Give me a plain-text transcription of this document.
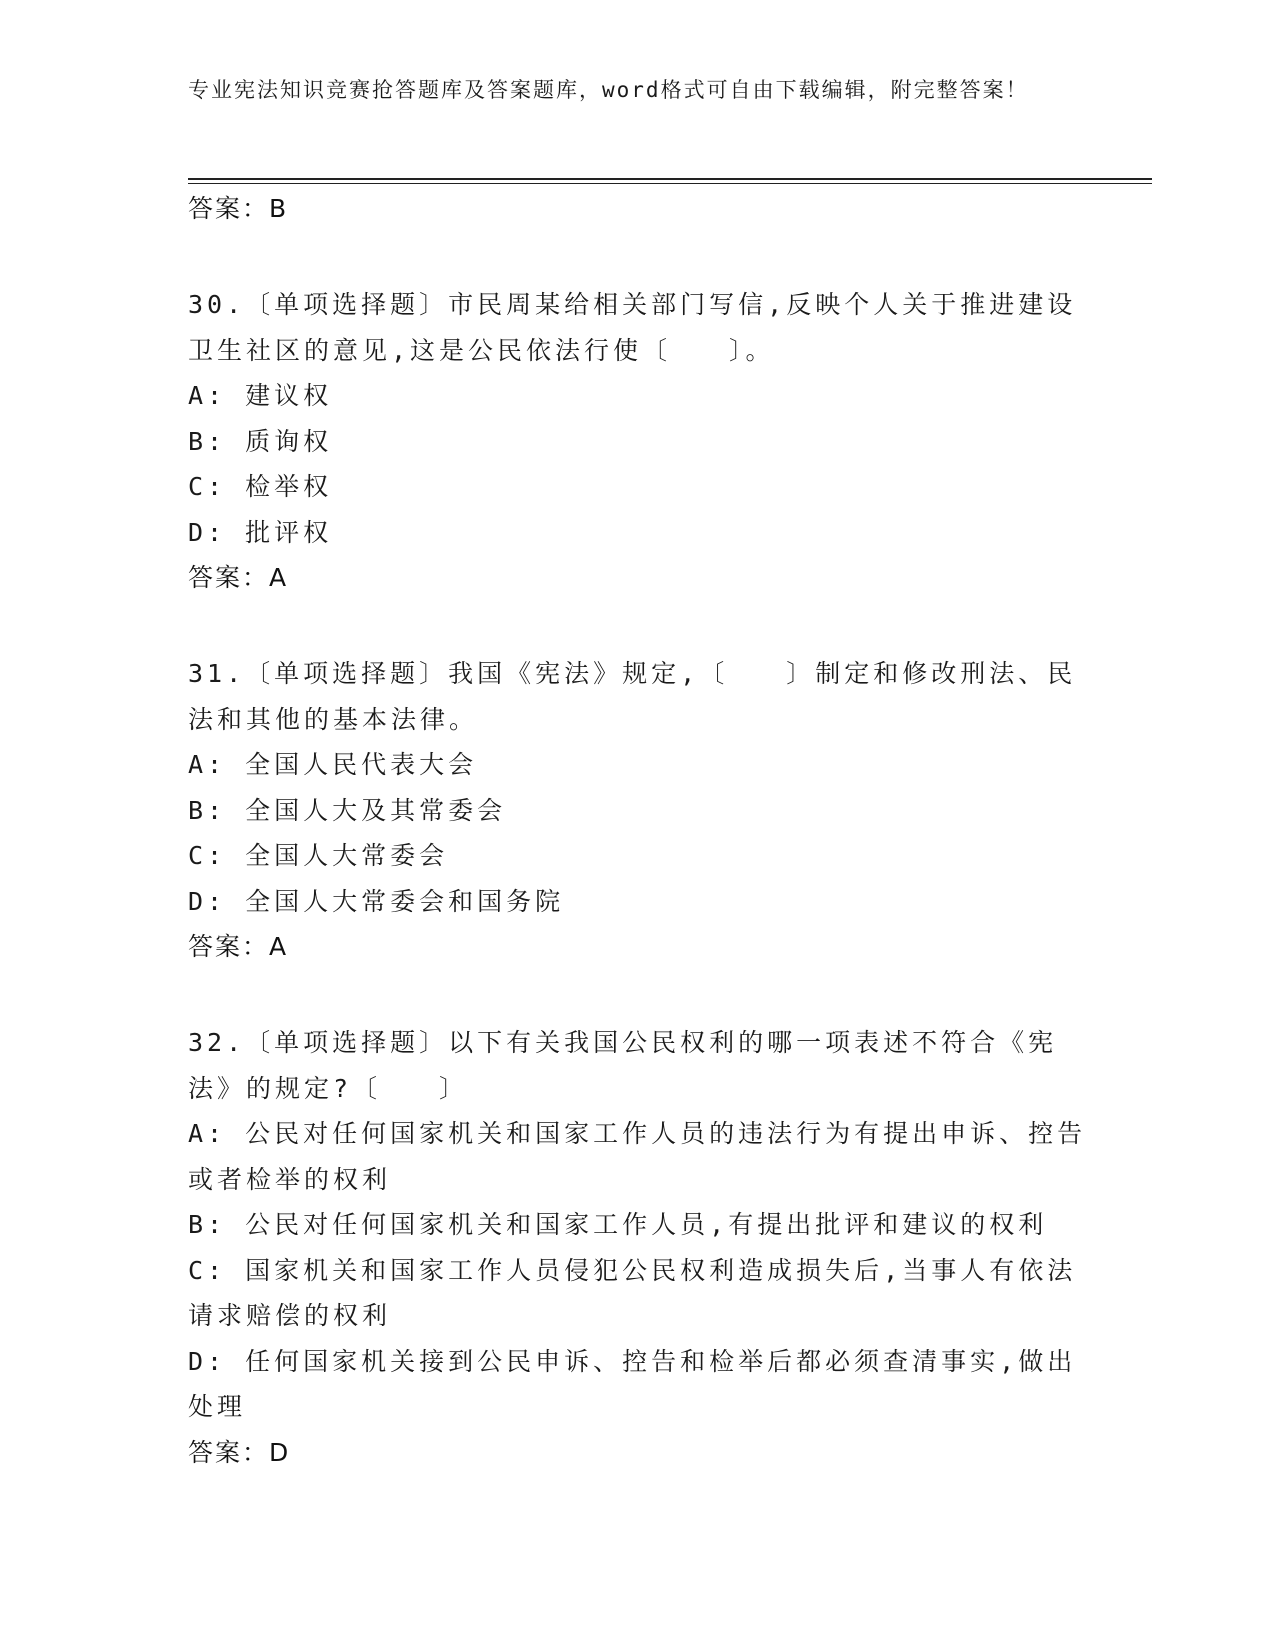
专业宪法知识竞赛抢答题库及答案题库，word格式可自由下载编辑，附完整答案！
答案：B

30.〔单项选择题〕市民周某给相关部门写信,反映个人关于推进建设卫生社区的意见,这是公民依法行使〔　　〕。

A: 建议权

B: 质询权

C: 检举权

D: 批评权

答案：A

31.〔单项选择题〕我国《宪法》规定,〔　　〕制定和修改刑法、民法和其他的基本法律。

A: 全国人民代表大会

B: 全国人大及其常委会

C: 全国人大常委会

D: 全国人大常委会和国务院

答案：A

32.〔单项选择题〕以下有关我国公民权利的哪一项表述不符合《宪法》的规定?〔　　〕

A: 公民对任何国家机关和国家工作人员的违法行为有提出申诉、控告或者检举的权利

B: 公民对任何国家机关和国家工作人员,有提出批评和建议的权利

C: 国家机关和国家工作人员侵犯公民权利造成损失后,当事人有依法请求赔偿的权利

D: 任何国家机关接到公民申诉、控告和检举后都必须查清事实,做出处理

答案：D
